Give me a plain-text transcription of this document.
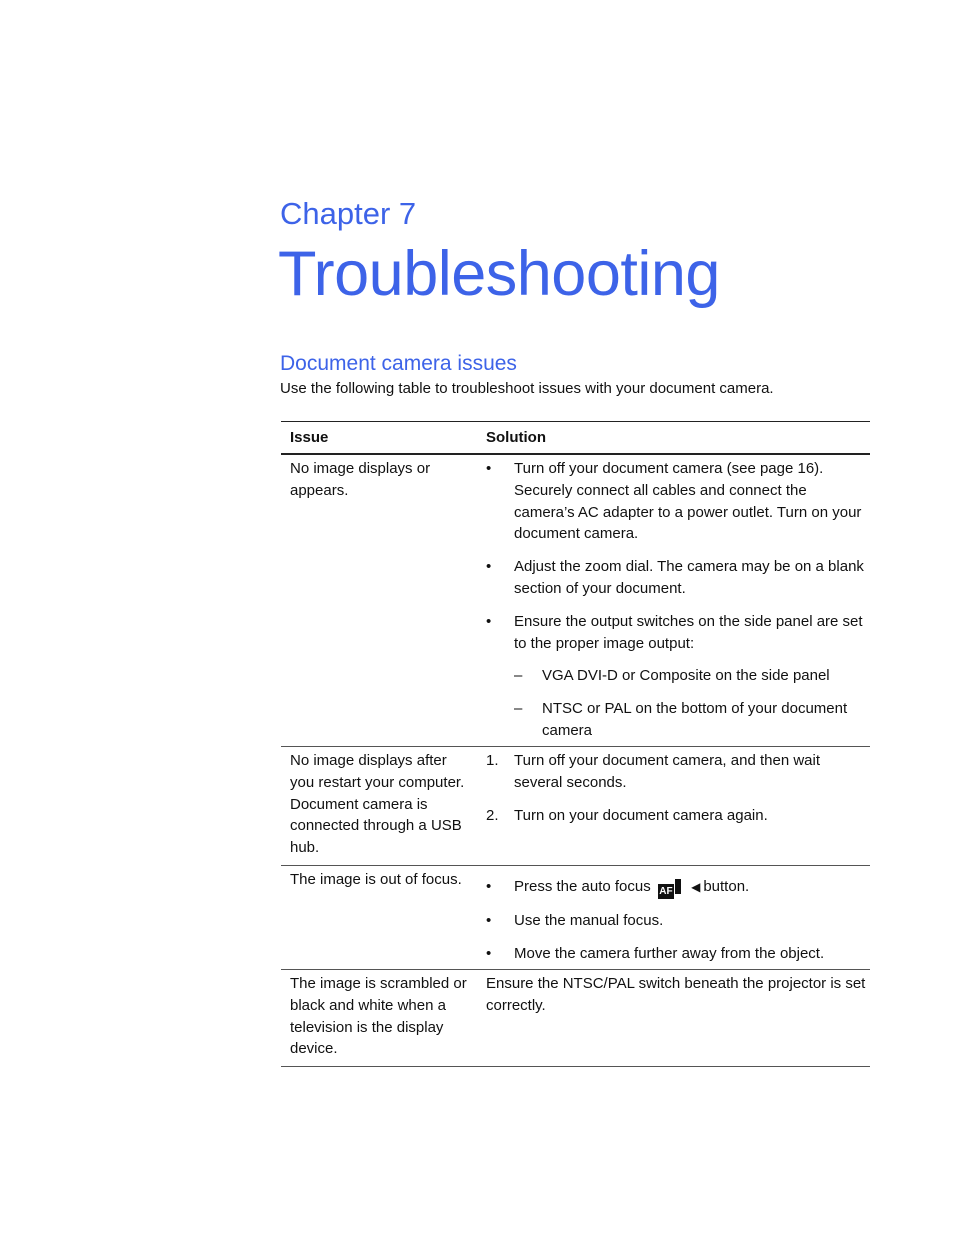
Chapter 7
Troubleshooting
Document camera issues
Use the following table to troubleshoot issues with your document camera.
Issue	Solution
No image displays or appears.
• Turn off your document camera (see page 16). Securely connect all cables and connect the camera’s AC adapter to a power outlet. Turn on your document camera.
• Adjust the zoom dial. The camera may be on a blank section of your document.
• Ensure the output switches on the side panel are set to the proper image output:
– VGA DVI-D or Composite on the side panel
– NTSC or PAL on the bottom of your document camera
No image displays after you restart your computer. Document camera is connected through a USB hub.
1. Turn off your document camera, and then wait several seconds.
2. Turn on your document camera again.
The image is out of focus.	• Press the auto focus AF ◀ button.
• Use the manual focus.
• Move the camera further away from the object.
The image is scrambled or black and white when a television is the display device.
Ensure the NTSC/PAL switch beneath the projector is set correctly.
